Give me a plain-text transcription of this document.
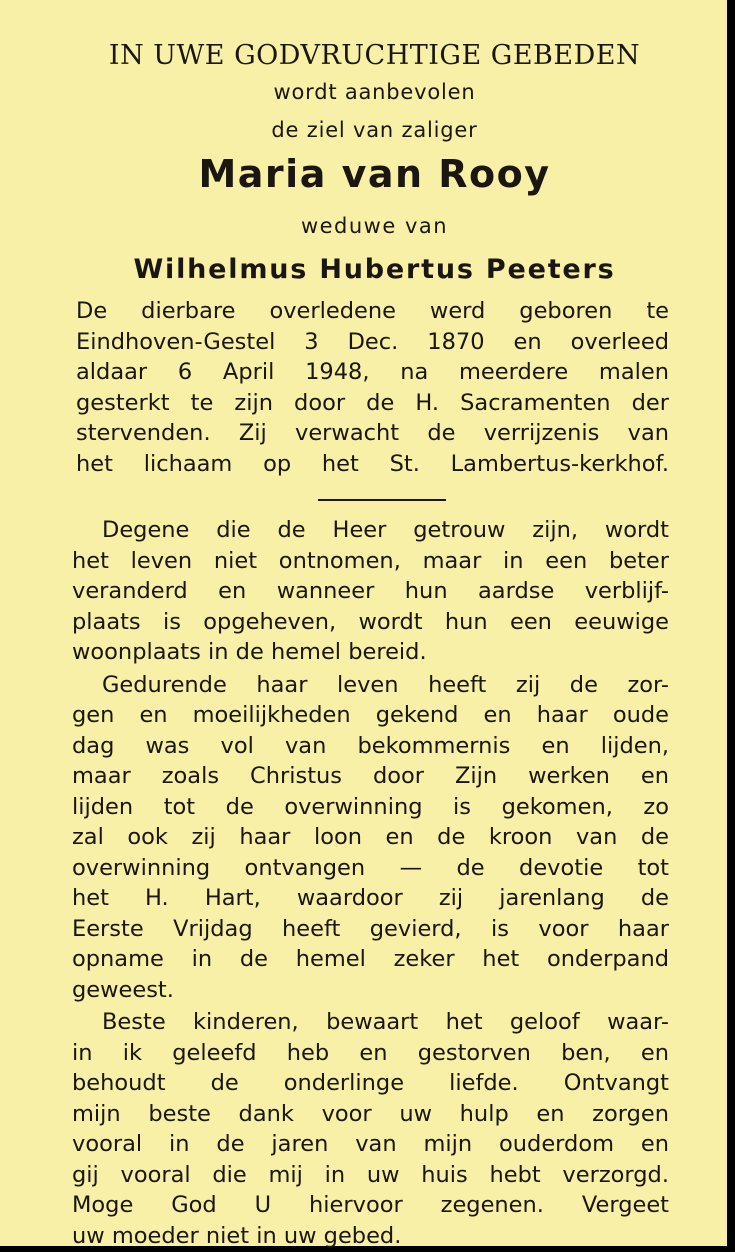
IN UWE GODVRUCHTIGE GEBEDEN
wordt aanbevolen
de ziel van zaliger
Maria van Rooy
weduwe van
Wilhelmus Hubertus Peeters
De dierbare overledene werd geboren te
Eindhoven-Gestel 3 Dec. 1870 en overleed
aldaar 6 April 1948, na meerdere malen
gesterkt te zijn door de H. Sacramenten der
stervenden. Zij verwacht de verrijzenis van
het lichaam op het St. Lambertus-kerkhof.
Degene die de Heer getrouw zijn, wordt
het leven niet ontnomen, maar in een beter
veranderd en wanneer hun aardse verblijf-
plaats is opgeheven, wordt hun een eeuwige
woonplaats in de hemel bereid.
Gedurende haar leven heeft zij de zor-
gen en moeilijkheden gekend en haar oude
dag was vol van bekommernis en lijden,
maar zoals Christus door Zijn werken en
lijden tot de overwinning is gekomen, zo
zal ook zij haar loon en de kroon van de
overwinning ontvangen — de devotie tot
het H. Hart, waardoor zij jarenlang de
Eerste Vrijdag heeft gevierd, is voor haar
opname in de hemel zeker het onderpand
geweest.
Beste kinderen, bewaart het geloof waar-
in ik geleefd heb en gestorven ben, en
behoudt de onderlinge liefde. Ontvangt
mijn beste dank voor uw hulp en zorgen
vooral in de jaren van mijn ouderdom en
gij vooral die mij in uw huis hebt verzorgd.
Moge God U hiervoor zegenen. Vergeet
uw moeder niet in uw gebed.
